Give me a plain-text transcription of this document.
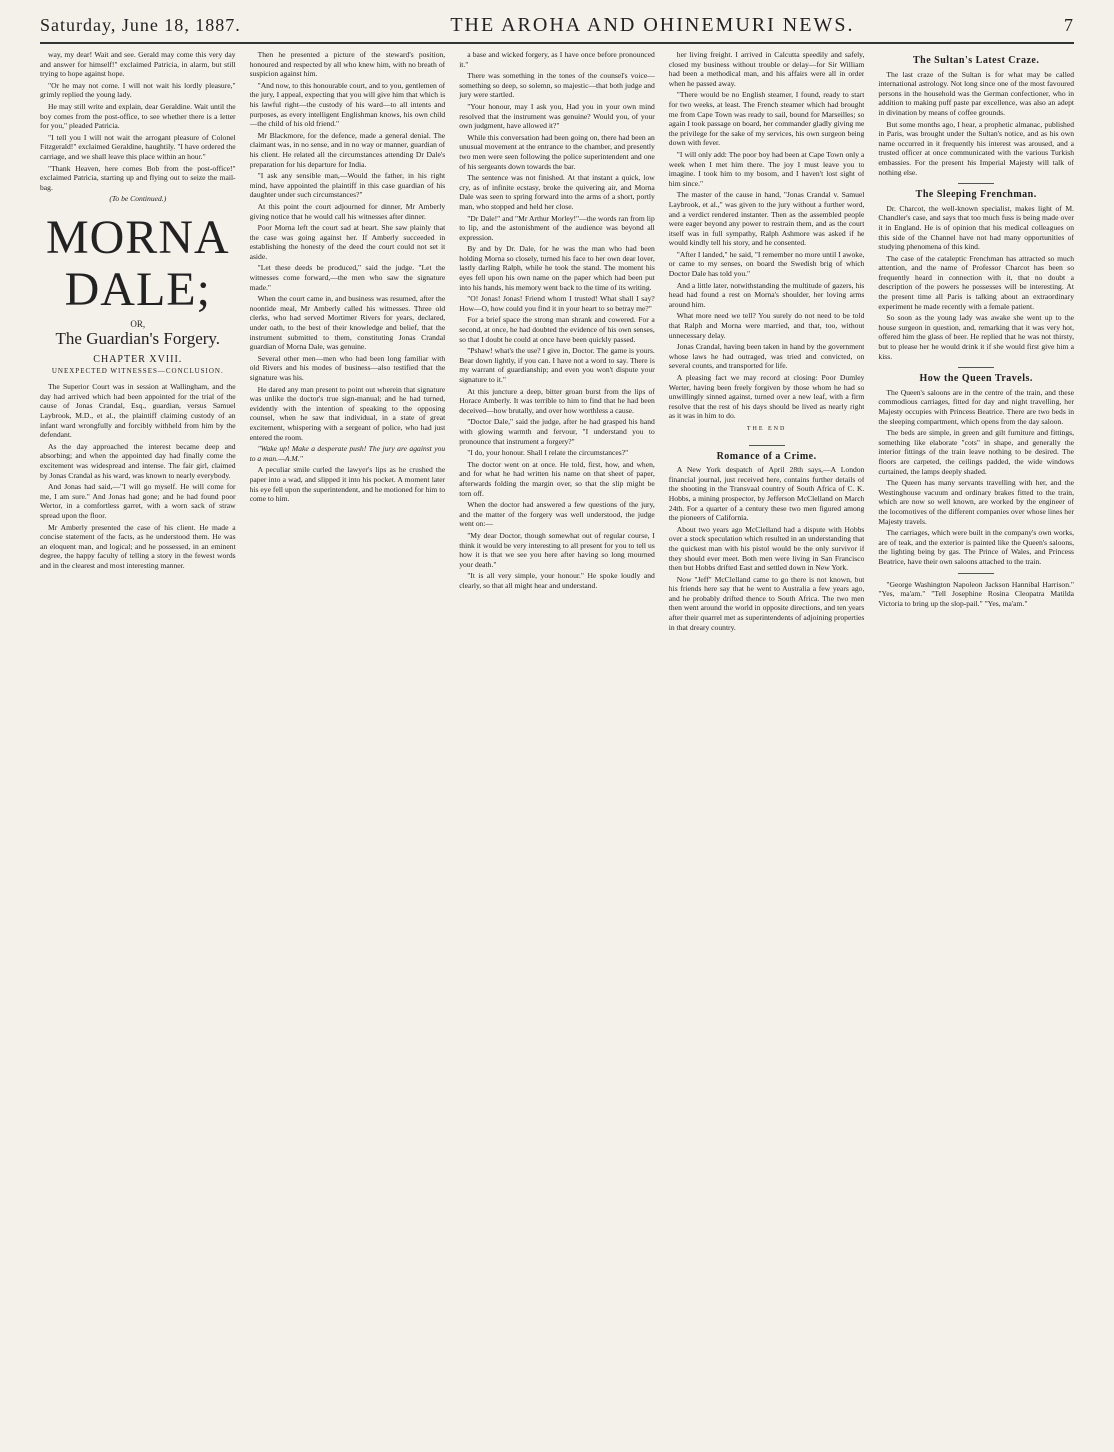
Saturday, June 18, 1887.	THE AROHA AND OHINEMURI NEWS.	7

way, my dear! Wait and see. Gerald may come this very day and answer for himself!" exclaimed Patricia, in alarm, but still trying to hope against hope.

"Or he may not come. I will not wait his lordly pleasure," grimly replied the young lady.

He may still write and explain, dear Geraldine. Wait until the boy comes from the post-office, to see whether there is a letter for you," pleaded Patricia.

"I tell you I will not wait the arrogant pleasure of Colonel Fitzgerald!" exclaimed Geraldine, haughtily. "I have ordered the carriage, and we shall leave this place within an hour."

"Thank Heaven, here comes Bob from the post-office!" exclaimed Patricia, starting up and flying out to seize the mail-bag.

(To be Continued.)
MORNA DALE;
OR,
The Guardian's Forgery.
CHAPTER XVIII.
UNEXPECTED WITNESSES—CONCLUSION.

The Superior Court was in session at Wallingham, and the day had arrived which had been appointed for the trial of the cause of Jonas Crandal, Esq., guardian, versus Samuel Laybrook, M.D., et al., the plaintiff claiming custody of an infant ward wrongfully and forcibly withheld from him by the defendant.

As the day approached the interest became deep and absorbing; and when the appointed day had finally come the excitement was widespread and intense. The fair girl, claimed by Jonas Crandal as his ward, was known to nearly everybody.

And Jonas had said,—"I will go myself. He will come for me, I am sure." And Jonas had gone; and he had found poor Wertor, in a comfortless garret, with a worn sack of straw spread upon the floor.

Mr Amberly presented the case of his client. He made a concise statement of the facts, as he understood them. He was an eloquent man, and logical; and he possessed, in an eminent degree, the happy faculty of telling a story in the fewest words and in the clearest and most interesting manner.

Then he presented a picture of the steward's position, honoured and respected by all who knew him, with no breath of suspicion against him.

"And now, to this honourable court, and to you, gentlemen of the jury, I appeal, expecting that you will give him that which is his lawful right—the custody of his ward—to all intents and purposes, as every intelligent Englishman knows, his own child—the child of his old friend."

Mr Blackmore, for the defence, made a general denial. The claimant was, in no sense, and in no way or manner, guardian of his client. He related all the circumstances attending Dr Dale's preparation for his departure for India.

"I ask any sensible man,—Would the father, in his right mind, have appointed the plaintiff in this case guardian of his daughter under such circumstances?"

At this point the court adjourned for dinner, Mr Amberly giving notice that he would call his witnesses after dinner.

Poor Morna left the court sad at heart. She saw plainly that the case was going against her. If Amberly succeeded in establishing the honesty of the deed the court could not set it aside.

"Let these deeds be produced," said the judge. "Let the witnesses come forward,—the men who saw the signature made."

When the court came in, and business was resumed, after the noontide meal, Mr Amberly called his witnesses. Three old clerks, who had served Mortimer Rivers for years, declared, under oath, to the best of their knowledge and belief, that the instrument submitted to them, constituting Jonas Crandal guardian of Morna Dale, was genuine.

Several other men—men who had been long familiar with old Rivers and his modes of business—also testified that the signature was his.

He dared any man present to point out wherein that signature was unlike the doctor's true sign-manual; and he had turned, evidently with the intention of speaking to the opposing counsel, when he saw that individual, in a state of great excitement, whispering with a sergeant of police, who had just entered the room.

"Wake up! Make a desperate push! The jury are against you to a man.—A.M."

A peculiar smile curled the lawyer's lips as he crushed the paper into a wad, and slipped it into his pocket. A moment later his eye fell upon the superintendent, and he motioned for him to come to him.

a base and wicked forgery, as I have once before pronounced it."

There was something in the tones of the counsel's voice—something so deep, so solemn, so majestic—that both judge and jury were startled.

"Your honour, may I ask you, Had you in your own mind resolved that the instrument was genuine? Would you, of your own judgment, have allowed it?"

While this conversation had been going on, there had been an unusual movement at the entrance to the chamber, and presently two men were seen following the police superintendent and one of his sergeants down towards the bar.

The sentence was not finished. At that instant a quick, low cry, as of infinite ecstasy, broke the quivering air, and Morna Dale was seen to spring forward into the arms of a short, portly man, who stopped and held her close.

"Dr Dale!" and "Mr Arthur Morley!"—the words ran from lip to lip, and the astonishment of the audience was beyond all expression.

By and by Dr. Dale, for he was the man who had been holding Morna so closely, turned his face to her own dear lover, lastly darling Ralph, while he took the stand. The moment his eyes fell upon his own name on the paper which had been put into his hands, his memory went back to the time of its writing.

"O! Jonas! Jonas! Friend whom I trusted! What shall I say? How—O, how could you find it in your heart to so betray me?"

For a brief space the strong man shrank and cowered. For a second, at once, he had doubted the evidence of his own senses, so that I doubt he could at once have been quickly passed.

"Pshaw! what's the use? I give in, Doctor. The game is yours. Bear down lightly, if you can. I have not a word to say. There is my warrant of guardianship; and even you won't dispute your signature to it."

At this juncture a deep, bitter groan burst from the lips of Horace Amberly. It was terrible to him to find that he had been deceived—how brutally, and over how worthless a cause.

"Doctor Dale," said the judge, after he had grasped his hand with glowing warmth and fervour, "I understand you to pronounce that instrument a forgery?"

"I do, your honour. Shall I relate the circumstances?"

The doctor went on at once. He told, first, how, and when, and for what he had written his name on that sheet of paper, afterwards folding the margin over, so that the slip might be torn off.

When the doctor had answered a few questions of the jury, and the matter of the forgery was well understood, the judge went on:—

"My dear Doctor, though somewhat out of regular course, I think it would be very interesting to all present for you to tell us how it is that we see you here after having so long mourned your death."

"It is all very simple, your honour." He spoke loudly and clearly, so that all might hear and understand.

her living freight. I arrived in Calcutta speedily and safely, closed my business without trouble or delay—for Sir William had been a methodical man, and his affairs were all in order when he passed away.

"There would be no English steamer, I found, ready to start for two weeks, at least. The French steamer which had brought me from Cape Town was ready to sail, bound for Marseilles; so again I took passage on board, her commander gladly giving me the privilege for the sake of my services, his own surgeon being down with fever.

"I will only add: The poor boy had been at Cape Town only a week when I met him there. The joy I must leave you to imagine. I took him to my bosom, and I haven't lost sight of him since."

The master of the cause in hand, "Jonas Crandal v. Samuel Laybrook, et al.," was given to the jury without a further word, and a verdict rendered instanter. Then as the assembled people were eager beyond any power to restrain them, and as the court itself was in full sympathy, Ralph Ashmore was asked if he would kindly tell his story, and he consented.

"After I landed," he said, "I remember no more until I awoke, or came to my senses, on board the Swedish brig of which Doctor Dale has told you."

And a little later, notwithstanding the multitude of gazers, his head had found a rest on Morna's shoulder, her loving arms around him.

What more need we tell? You surely do not need to be told that Ralph and Morna were married, and that, too, without unnecessary delay.

Jonas Crandal, having been taken in hand by the government whose laws he had outraged, was tried and convicted, on several counts, and transported for life.

A pleasing fact we may record at closing: Poor Dumley Werter, having been freely forgiven by those whom he had so unwillingly sinned against, turned over a new leaf, with a firm resolve that the rest of his days should be lived as nearly right as it was in him to do.

THE END
Romance of a Crime.

A New York despatch of April 28th says,—A London financial journal, just received here, contains further details of the shooting in the Transvaal country of South Africa of C. K. Hobbs, a mining prospector, by Jefferson McClelland on March 24th. For a quarter of a century these two men figured among the pioneers of California.

About two years ago McClelland had a dispute with Hobbs over a stock speculation which resulted in an understanding that the quickest man with his pistol would be the only survivor if they should ever meet. Both men were living in San Francisco then but Hobbs drifted East and settled down in New York.

Now "Jeff" McClelland came to go there is not known, but his friends here say that he went to Australia a few years ago, and he probably drifted thence to South Africa. The two men then went around the world in opposite directions, and ten years after their quarrel met as superintendents of adjoining properties in that dreary country.

The Sultan's Latest Craze.

The last craze of the Sultan is for what may be called international astrology. Not long since one of the most favoured persons in the household was the German confectioner, who in addition to making puff paste par excellence, was also an adept in divination by means of coffee grounds.

But some months ago, I hear, a prophetic almanac, published in Paris, was brought under the Sultan's notice, and as his own name occurred in it frequently his interest was aroused, and a trusted officer at once communicated with the various Turkish embassies. For the present his Imperial Majesty will talk of nothing else.

The Sleeping Frenchman.

Dr. Charcot, the well-known specialist, makes light of M. Chandler's case, and says that too much fuss is being made over it in England. He is of opinion that his medical colleagues on this side of the Channel have not had many opportunities of studying phenomena of this kind.

The case of the cataleptic Frenchman has attracted so much attention, and the name of Professor Charcot has been so frequently heard in connection with it, that no doubt a description of the powers he possesses will be interesting. At the present time all Paris is talking about an extraordinary experiment he made recently with a female patient.

So soon as the young lady was awake she went up to the house surgeon in question, and, remarking that it was very hot, offered him the glass of beer. He replied that he was not thirsty, but to please her he would drink it if she would first give him a kiss.

How the Queen Travels.

The Queen's saloons are in the centre of the train, and these commodious carriages, fitted for day and night travelling, her Majesty occupies with Princess Beatrice. There are two beds in the sleeping compartment, which opens from the day saloon.

The beds are simple, in green and gilt furniture and fittings, something like elaborate "cots" in shape, and generally the interior fittings of the train leave nothing to be desired. The floors are carpeted, the ceilings padded, the wide windows curtained, the lamps deeply shaded.

The Queen has many servants travelling with her, and the Westinghouse vacuum and ordinary brakes fitted to the train, which are now so well known, are worked by the engineer of the locomotives of the different companies over whose lines her Majesty travels.

The carriages, which were built in the company's own works, are of teak, and the exterior is painted like the Queen's saloons, the lighting being by gas. The Prince of Wales, and Princess Beatrice, have their own saloons attached to the train.

"George Washington Napoleon Jackson Hannibal Harrison." "Yes, ma'am." "Tell Josephine Rosina Cleopatra Matilda Victoria to bring up the slop-pail." "Yes, ma'am."
